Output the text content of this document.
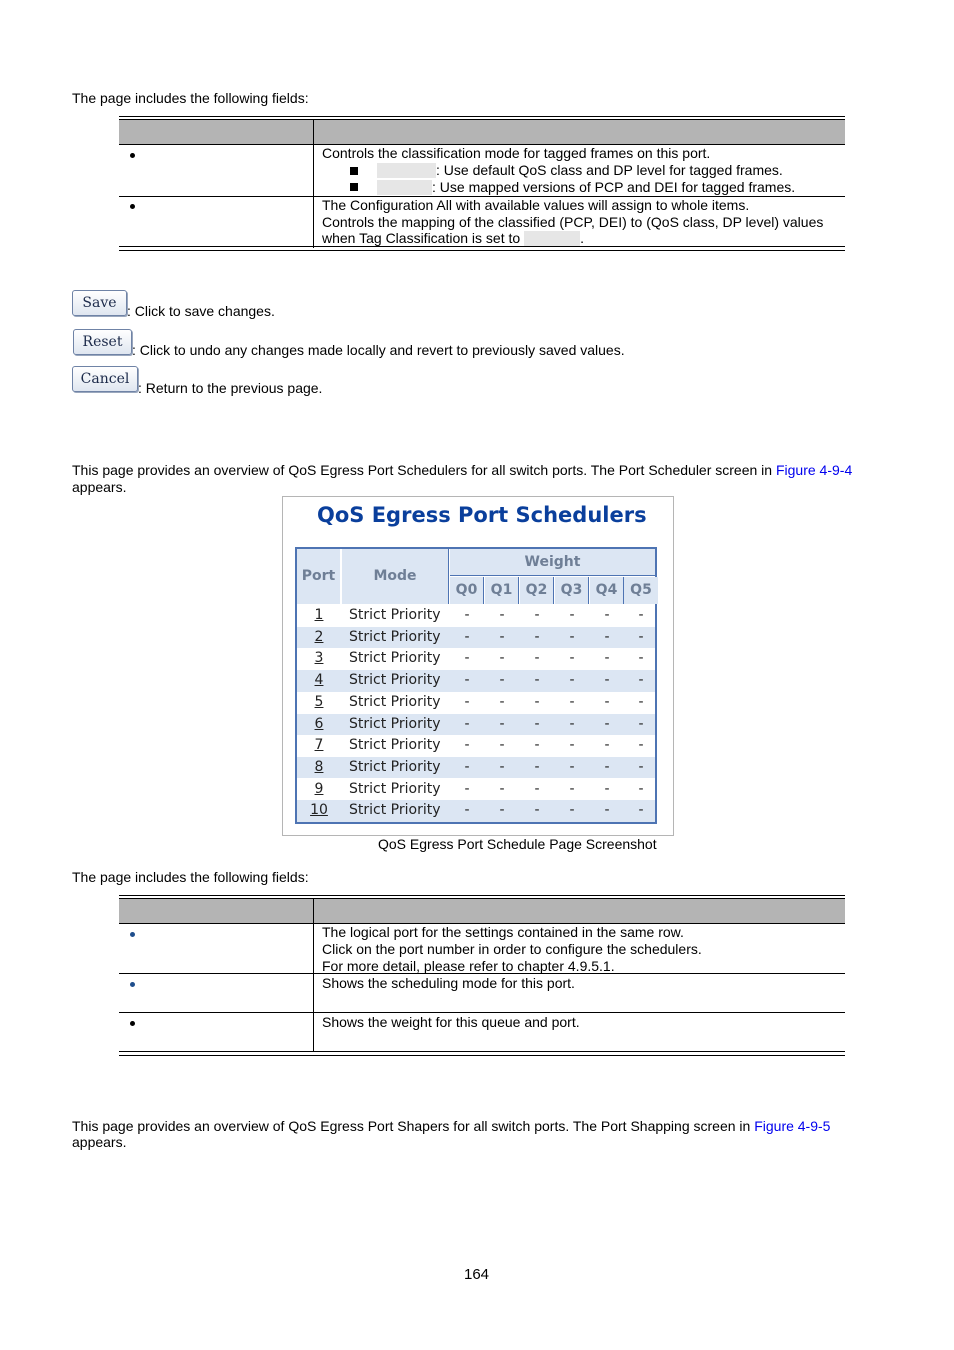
The page includes the following fields:
Controls the classification mode for tagged frames on this port.
: Use default QoS class and DP level for tagged frames.
: Use mapped versions of PCP and DEI for tagged frames.
The Configuration All with available values will assign to whole items.
Controls the mapping of the classified (PCP, DEI) to (QoS class, DP level) values
when Tag Classification is set to	.
Save : Click to save changes.
Reset : Click to undo any changes made locally and revert to previously saved values.
Cancel
: Return to the previous page.
This page provides an overview of QoS Egress Port Schedulers for all switch ports. The Port Scheduler screen in Figure 4-9-4
appears.
QoS Egress Port Schedulers
Port	Mode
Weight
Q0 Q1 Q2 Q3 Q4 Q5
1	Strict Priority	-	-	-	-	-	-
2	Strict Priority	-	-	-	-	-	-
3	Strict Priority	-	-	-	-	-	-
4	Strict Priority	-	-	-	-	-	-
5	Strict Priority	-	-	-	-	-	-
6	Strict Priority	-	-	-	-	-	-
7	Strict Priority	-	-	-	-	-	-
8	Strict Priority	-	-	-	-	-	-
9	Strict Priority	-	-	-	-	-	-
10	Strict Priority	-	-	-	-	-	-
QoS Egress Port Schedule Page Screenshot
The page includes the following fields:
The logical port for the settings contained in the same row.
Click on the port number in order to configure the schedulers.
For more detail, please refer to chapter 4.9.5.1.
Shows the scheduling mode for this port.
Shows the weight for this queue and port.
This page provides an overview of QoS Egress Port Shapers for all switch ports. The Port Shapping screen in Figure 4-9-5
appears.
164
